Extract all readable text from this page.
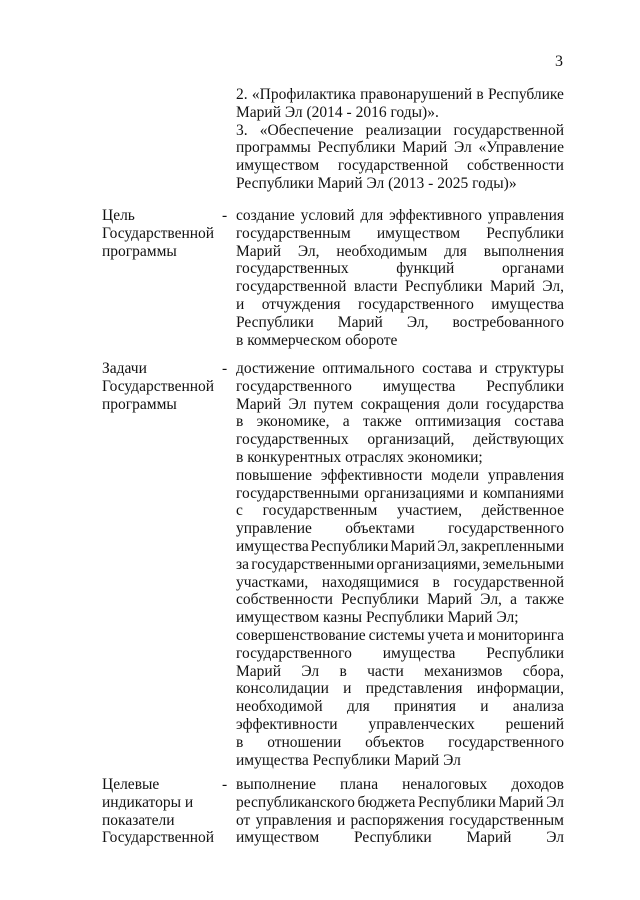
3
2. «Профилактика правонарушений в Республике
Марий Эл (2014 - 2016 годы)».
3. «Обеспечение реализации государственной
программы Республики Марий Эл «Управление
имуществом государственной собственности
Республики Марий Эл (2013 - 2025 годы)»
Цель
Государственной
программы
- создание условий для эффективного управления
государственным имуществом Республики
Марий Эл, необходимым для выполнения
государственных	функций	органами
государственной власти Республики Марий Эл,
и отчуждения государственного имущества
Республики Марий Эл, востребованного
в коммерческом обороте
Задачи
Государственной
программы
- достижение оптимального состава и структуры
государственного имущества Республики
Марий Эл путем сокращения доли государства
в экономике, а также оптимизация состава
государственных организаций, действующих
в конкурентных отраслях экономики;
повышение эффективности модели управления
государственными организациями и компаниями
с государственным участием, действенное
управление объектами государственного
имущества Республики Марий Эл, закрепленными
за государственными организациями, земельными
участками, находящимися в государственной
собственности Республики Марий Эл, а также
имуществом казны Республики Марий Эл;
совершенствование системы учета и мониторинга
государственного имущества Республики
Марий Эл в части механизмов сбора,
консолидации и представления информации,
необходимой для принятия и анализа
эффективности управленческих решений
в отношении объектов государственного
имущества Республики Марий Эл
Целевые
индикаторы и
показатели
Государственной
- выполнение плана неналоговых доходов
республиканского бюджета Республики Марий Эл
от управления и распоряжения государственным
имуществом Республики Марий Эл
